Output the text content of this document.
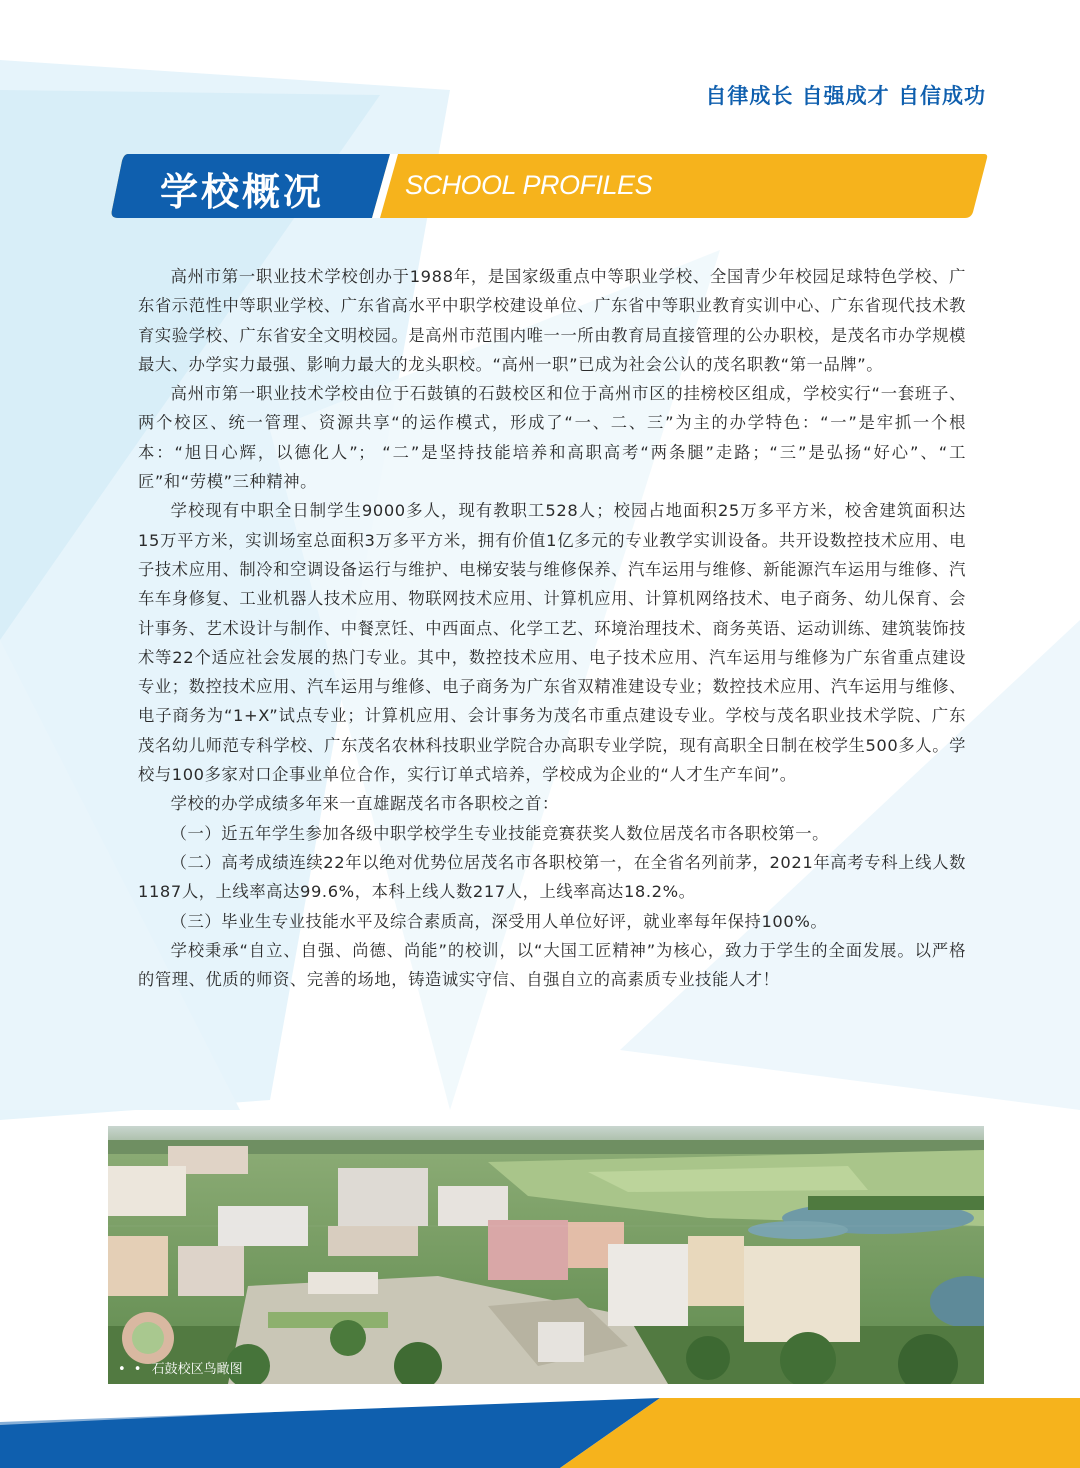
自律成长 自强成才 自信成功
学校概况	SCHOOL PROFILES

高州市第一职业技术学校创办于1988年，是国家级重点中等职业学校、全国青少年校园足球特色学校、广东省示范性中等职业学校、广东省高水平中职学校建设单位、广东省中等职业教育实训中心、广东省现代技术教育实验学校、广东省安全文明校园。是高州市范围内唯一一所由教育局直接管理的公办职校，是茂名市办学规模最大、办学实力最强、影响力最大的龙头职校。“高州一职”已成为社会公认的茂名职教“第一品牌”。

高州市第一职业技术学校由位于石鼓镇的石鼓校区和位于高州市区的挂榜校区组成，学校实行“一套班子、两个校区、统一管理、资源共享“的运作模式，形成了“一、二、三”为主的办学特色：“一”是牢抓一个根本：“旭日心辉，以德化人”； “二”是坚持技能培养和高职高考“两条腿”走路；“三”是弘扬“好心”、“工匠”和“劳模”三种精神。

学校现有中职全日制学生9000多人，现有教职工528人；校园占地面积25万多平方米，校舍建筑面积达15万平方米，实训场室总面积3万多平方米，拥有价值1亿多元的专业教学实训设备。共开设数控技术应用、电子技术应用、制冷和空调设备运行与维护、电梯安装与维修保养、汽车运用与维修、新能源汽车运用与维修、汽车车身修复、工业机器人技术应用、物联网技术应用、计算机应用、计算机网络技术、电子商务、幼儿保育、会计事务、艺术设计与制作、中餐烹饪、中西面点、化学工艺、环境治理技术、商务英语、运动训练、建筑装饰技术等22个适应社会发展的热门专业。其中，数控技术应用、电子技术应用、汽车运用与维修为广东省重点建设专业；数控技术应用、汽车运用与维修、电子商务为广东省双精准建设专业；数控技术应用、汽车运用与维修、电子商务为“1+X”试点专业；计算机应用、会计事务为茂名市重点建设专业。学校与茂名职业技术学院、广东茂名幼儿师范专科学校、广东茂名农林科技职业学院合办高职专业学院，现有高职全日制在校学生500多人。学校与100多家对口企事业单位合作，实行订单式培养，学校成为企业的“人才生产车间”。

学校的办学成绩多年来一直雄踞茂名市各职校之首：

（一）近五年学生参加各级中职学校学生专业技能竞赛获奖人数位居茂名市各职校第一。

（二）高考成绩连续22年以绝对优势位居茂名市各职校第一，在全省名列前茅，2021年高考专科上线人数1187人，上线率高达99.6%，本科上线人数217人，上线率高达18.2%。

（三）毕业生专业技能水平及综合素质高，深受用人单位好评，就业率每年保持100%。

学校秉承“自立、自强、尚德、尚能”的校训，以“大国工匠精神”为核心，致力于学生的全面发展。以严格的管理、优质的师资、完善的场地，铸造诚实守信、自强自立的高素质专业技能人才！

• • 石鼓校区鸟瞰图
